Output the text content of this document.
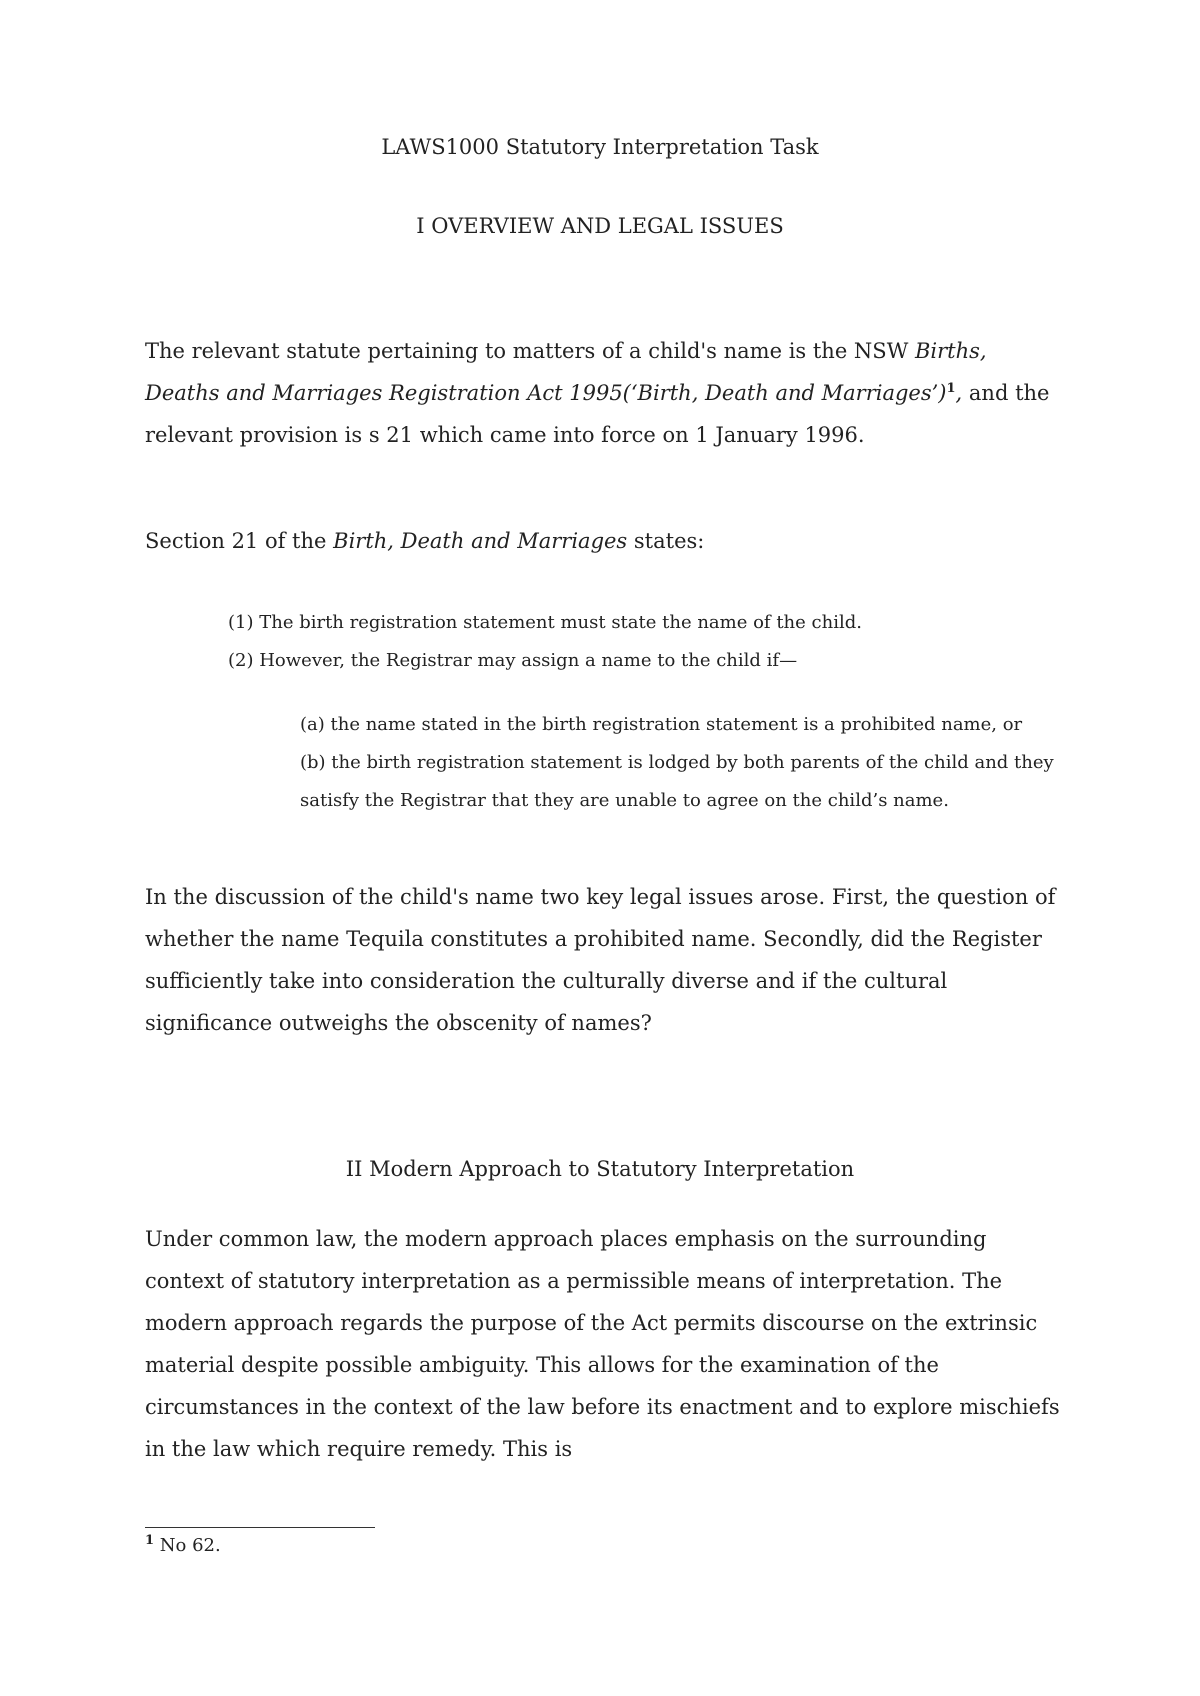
LAWS1000 Statutory Interpretation Task
I OVERVIEW AND LEGAL ISSUES

The relevant statute pertaining to matters of a child's name is the NSW Births, Deaths and Marriages Registration Act 1995(‘Birth, Death and Marriages’)$^1$, and the relevant provision is s 21 which came into force on 1 January 1996.

Section 21 of the Birth, Death and Marriages states:

(1) The birth registration statement must state the name of the child.
(2) However, the Registrar may assign a name to the child if—
(a) the name stated in the birth registration statement is a prohibited name, or
(b) the birth registration statement is lodged by both parents of the child and they
satisfy the Registrar that they are unable to agree on the child’s name.

In the discussion of the child's name two key legal issues arose. First, the question of whether the name Tequila constitutes a prohibited name. Secondly, did the Register sufficiently take into consideration the culturally diverse and if the cultural significance outweighs the obscenity of names?

II Modern Approach to Statutory Interpretation

Under common law, the modern approach places emphasis on the surrounding context of statutory interpretation as a permissible means of interpretation. The modern approach regards the purpose of the Act permits discourse on the extrinsic material despite possible ambiguity. This allows for the examination of the circumstances in the context of the law before its enactment and to explore mischiefs in the law which require remedy. This is

$^1$ No 62.
